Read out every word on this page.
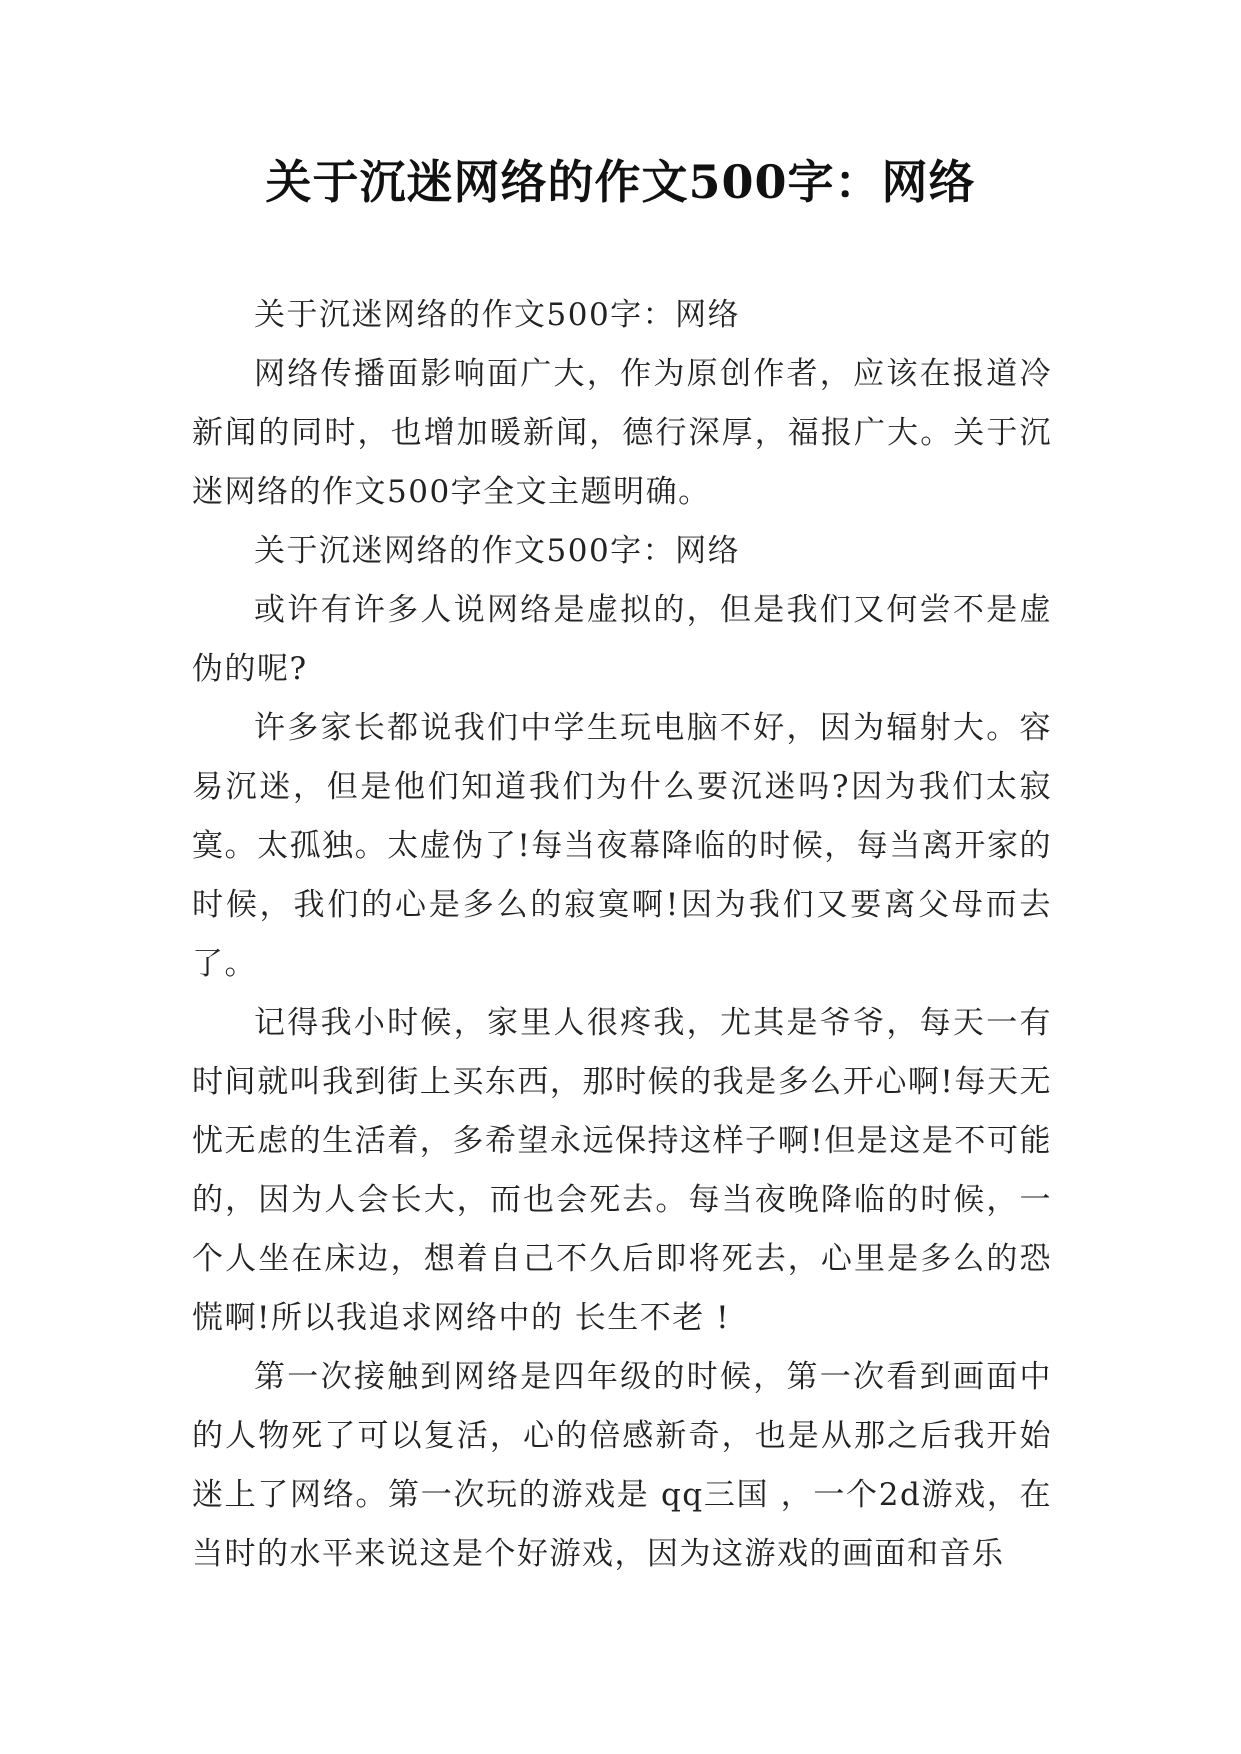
关于沉迷网络的作文500字：网络

关于沉迷网络的作文500字：网络

网络传播面影响面广大，作为原创作者，应该在报道冷新闻的同时，也增加暖新闻，德行深厚，福报广大。关于沉迷网络的作文500字全文主题明确。

关于沉迷网络的作文500字：网络

或许有许多人说网络是虚拟的，但是我们又何尝不是虚伪的呢?

许多家长都说我们中学生玩电脑不好，因为辐射大。容易沉迷，但是他们知道我们为什么要沉迷吗?因为我们太寂寞。太孤独。太虚伪了!每当夜幕降临的时候，每当离开家的时候，我们的心是多么的寂寞啊!因为我们又要离父母而去了。

记得我小时候，家里人很疼我，尤其是爷爷，每天一有时间就叫我到街上买东西，那时候的我是多么开心啊!每天无忧无虑的生活着，多希望永远保持这样子啊!但是这是不可能的，因为人会长大，而也会死去。每当夜晚降临的时候，一个人坐在床边，想着自己不久后即将死去，心里是多么的恐慌啊!所以我追求网络中的 长生不老 !

第一次接触到网络是四年级的时候，第一次看到画面中的人物死了可以复活，心的倍感新奇，也是从那之后我开始迷上了网络。第一次玩的游戏是 qq三国 ，一个2d游戏，在当时的水平来说这是个好游戏，因为这游戏的画面和音乐
